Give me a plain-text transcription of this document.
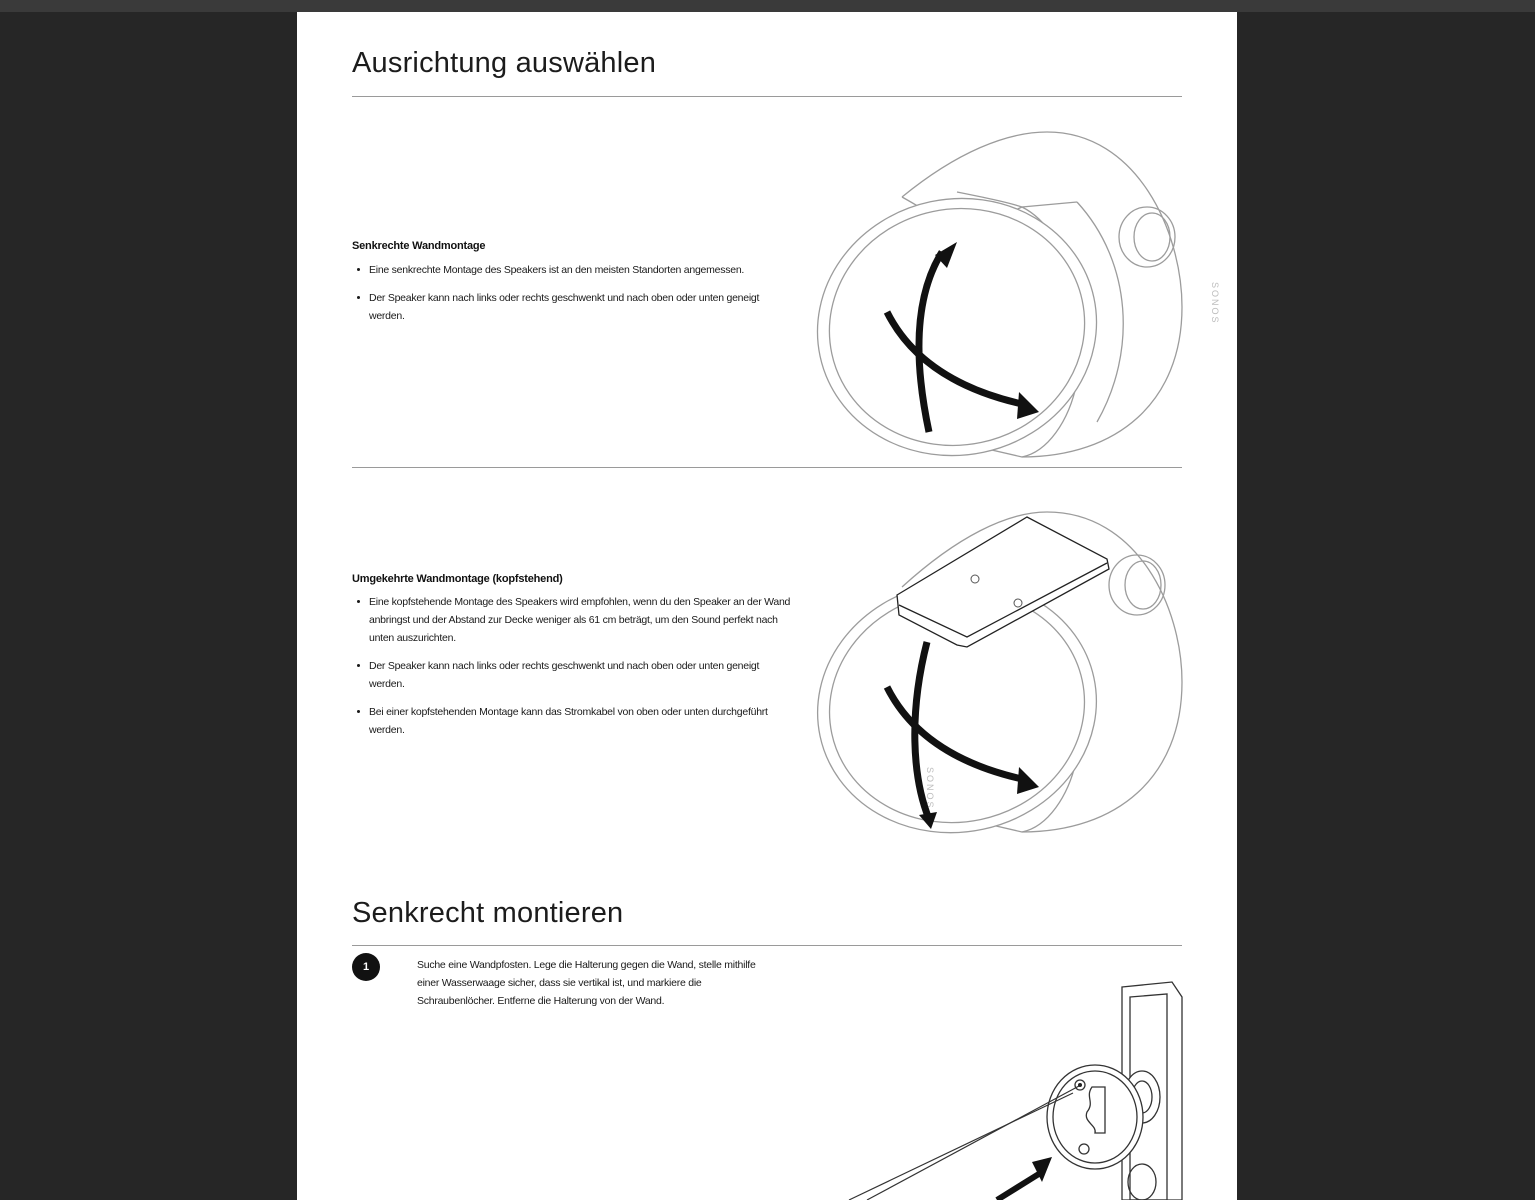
Ausrichtung auswählen

Senkrechte Wandmontage

Eine senkrechte Montage des Speakers ist an den meisten Standorten angemessen.
Der Speaker kann nach links oder rechts geschwenkt und nach oben oder unten geneigt werden.	SONOS

Umgekehrte Wandmontage (kopfstehend)

Eine kopfstehende Montage des Speakers wird empfohlen, wenn du den Speaker an der Wand anbringst und der Abstand zur Decke weniger als 61 cm beträgt, um den Sound perfekt nach unten auszurichten.
Der Speaker kann nach links oder rechts geschwenkt und nach oben oder unten geneigt werden.
Bei einer kopfstehenden Montage kann das Stromkabel von oben oder unten durchgeführt werden.
SONOS
Senkrecht montieren
1	Suche eine Wandpfosten. Lege die Halterung gegen die Wand, stelle mithilfe einer Wasserwaage sicher, dass sie vertikal ist, und markiere die Schraubenlöcher. Entferne die Halterung von der Wand.
